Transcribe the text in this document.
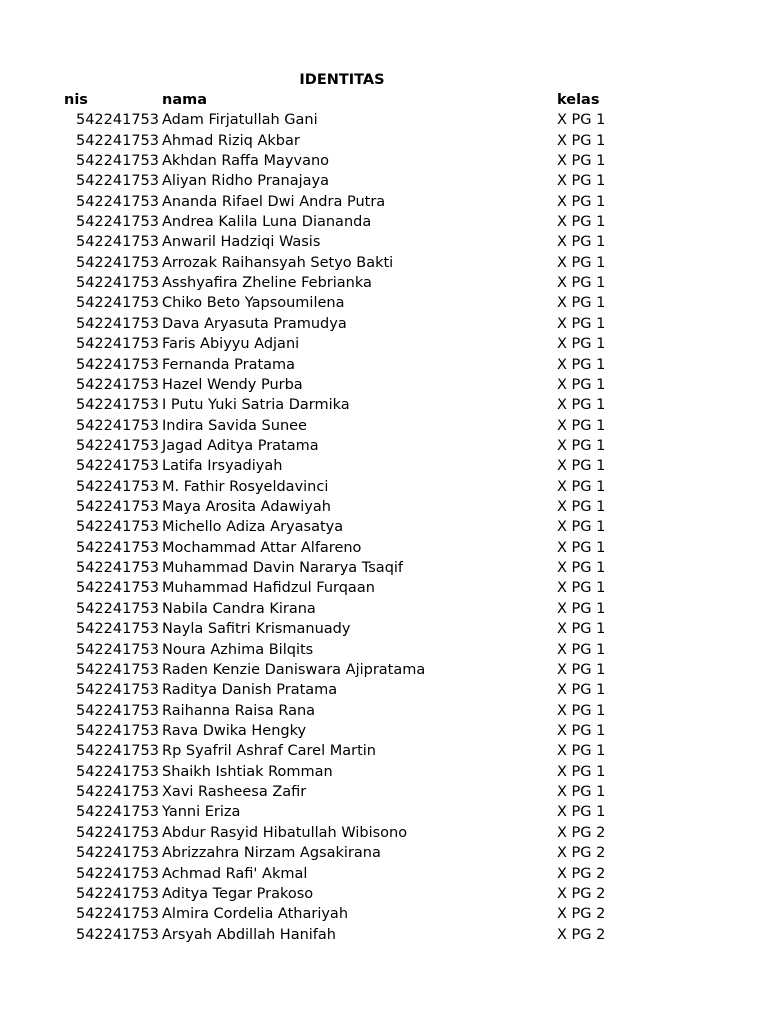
IDENTITAS
nis	nama	kelas
542241753 Adam Firjatullah Gani	X PG 1
542241753 Ahmad Riziq Akbar	X PG 1
542241753 Akhdan Raffa Mayvano	X PG 1
542241753 Aliyan Ridho Pranajaya	X PG 1
542241753 Ananda Rifael Dwi Andra Putra	X PG 1
542241753 Andrea Kalila Luna Diananda	X PG 1
542241753 Anwaril Hadziqi Wasis	X PG 1
542241753 Arrozak Raihansyah Setyo Bakti	X PG 1
542241753 Asshyafira Zheline Febrianka	X PG 1
542241753 Chiko Beto Yapsoumilena	X PG 1
542241753 Dava Aryasuta Pramudya	X PG 1
542241753 Faris Abiyyu Adjani	X PG 1
542241753 Fernanda Pratama	X PG 1
542241753 Hazel Wendy Purba	X PG 1
542241753 I Putu Yuki Satria Darmika	X PG 1
542241753 Indira Savida Sunee	X PG 1
542241753 Jagad Aditya Pratama	X PG 1
542241753 Latifa Irsyadiyah	X PG 1
542241753 M. Fathir Rosyeldavinci	X PG 1
542241753 Maya Arosita Adawiyah	X PG 1
542241753 Michello Adiza Aryasatya	X PG 1
542241753 Mochammad Attar Alfareno	X PG 1
542241753 Muhammad Davin Nararya Tsaqif	X PG 1
542241753 Muhammad Hafidzul Furqaan	X PG 1
542241753 Nabila Candra Kirana	X PG 1
542241753 Nayla Safitri Krismanuady	X PG 1
542241753 Noura Azhima Bilqits	X PG 1
542241753 Raden Kenzie Daniswara Ajipratama	X PG 1
542241753 Raditya Danish Pratama	X PG 1
542241753 Raihanna Raisa Rana	X PG 1
542241753 Rava Dwika Hengky	X PG 1
542241753 Rp Syafril Ashraf Carel Martin	X PG 1
542241753 Shaikh Ishtiak Romman	X PG 1
542241753 Xavi Rasheesa Zafir	X PG 1
542241753 Yanni Eriza	X PG 1
542241753 Abdur Rasyid Hibatullah Wibisono	X PG 2
542241753 Abrizzahra Nirzam Agsakirana	X PG 2
542241753 Achmad Rafi' Akmal	X PG 2
542241753 Aditya Tegar Prakoso	X PG 2
542241753 Almira Cordelia Athariyah	X PG 2
542241753 Arsyah Abdillah Hanifah	X PG 2
